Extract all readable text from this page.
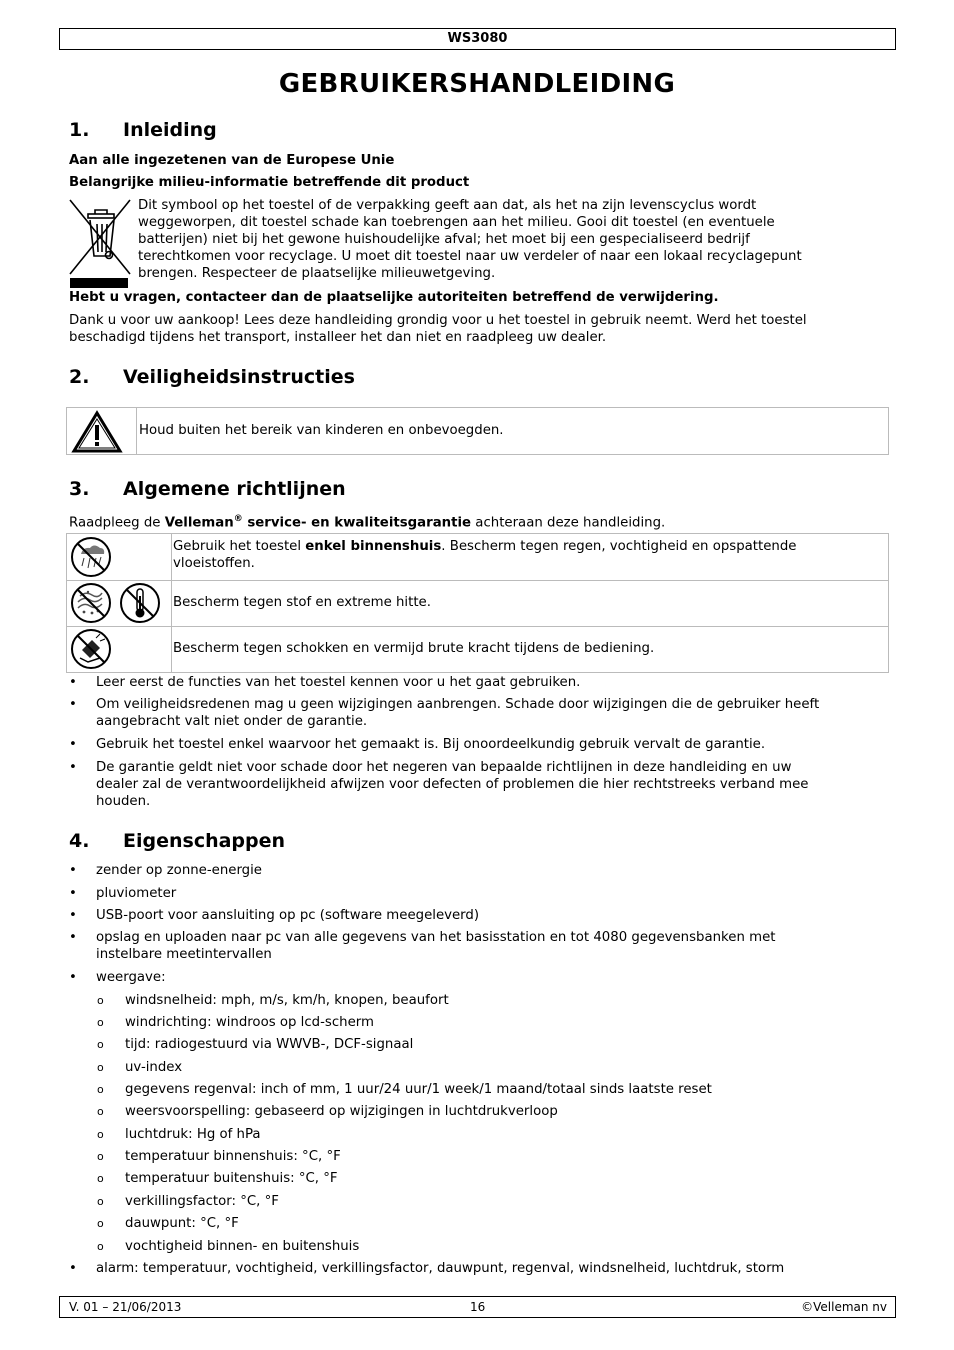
WS3080
GEBRUIKERSHANDLEIDING
1. Inleiding
Aan alle ingezetenen van de Europese Unie
Belangrijke milieu-informatie betreffende dit product
Dit symbool op het toestel of de verpakking geeft aan dat, als het na zijn levenscyclus wordt
weggeworpen, dit toestel schade kan toebrengen aan het milieu. Gooi dit toestel (en eventuele
batterijen) niet bij het gewone huishoudelijke afval; het moet bij een gespecialiseerd bedrijf
terechtkomen voor recyclage. U moet dit toestel naar uw verdeler of naar een lokaal recyclagepunt
brengen. Respecteer de plaatselijke milieuwetgeving.
Hebt u vragen, contacteer dan de plaatselijke autoriteiten betreffend de verwijdering.
Dank u voor uw aankoop! Lees deze handleiding grondig voor u het toestel in gebruik neemt. Werd het toestel
beschadigd tijdens het transport, installeer het dan niet en raadpleeg uw dealer.
2. Veiligheidsinstructies
Houd buiten het bereik van kinderen en onbevoegden.
3. Algemene richtlijnen
Raadpleeg de Velleman® service- en kwaliteitsgarantie achteraan deze handleiding.
Gebruik het toestel enkel binnenshuis. Bescherm tegen regen, vochtigheid en opspattende
vloeistoffen.
Bescherm tegen stof en extreme hitte.
Bescherm tegen schokken en vermijd brute kracht tijdens de bediening.
• Leer eerst de functies van het toestel kennen voor u het gaat gebruiken.
• Om veiligheidsredenen mag u geen wijzigingen aanbrengen. Schade door wijzigingen die de gebruiker heeft
aangebracht valt niet onder de garantie.
• Gebruik het toestel enkel waarvoor het gemaakt is. Bij onoordeelkundig gebruik vervalt de garantie.
• De garantie geldt niet voor schade door het negeren van bepaalde richtlijnen in deze handleiding en uw
dealer zal de verantwoordelijkheid afwijzen voor defecten of problemen die hier rechtstreeks verband mee
houden.
4. Eigenschappen
• zender op zonne-energie
• pluviometer
• USB-poort voor aansluiting op pc (software meegeleverd)
• opslag en uploaden naar pc van alle gegevens van het basisstation en tot 4080 gegevensbanken met
instelbare meetintervallen
• weergave:
o windsnelheid: mph, m/s, km/h, knopen, beaufort
o windrichting: windroos op lcd-scherm
o tijd: radiogestuurd via WWVB-, DCF-signaal
o uv-index
o gegevens regenval: inch of mm, 1 uur/24 uur/1 week/1 maand/totaal sinds laatste reset
o weersvoorspelling: gebaseerd op wijzigingen in luchtdrukverloop
o luchtdruk: Hg of hPa
o temperatuur binnenshuis: °C, °F
o temperatuur buitenshuis: °C, °F
o verkillingsfactor: °C, °F
o dauwpunt: °C, °F
o vochtigheid binnen- en buitenshuis
• alarm: temperatuur, vochtigheid, verkillingsfactor, dauwpunt, regenval, windsnelheid, luchtdruk, storm
V. 01 – 21/06/2013	16	©Velleman nv
